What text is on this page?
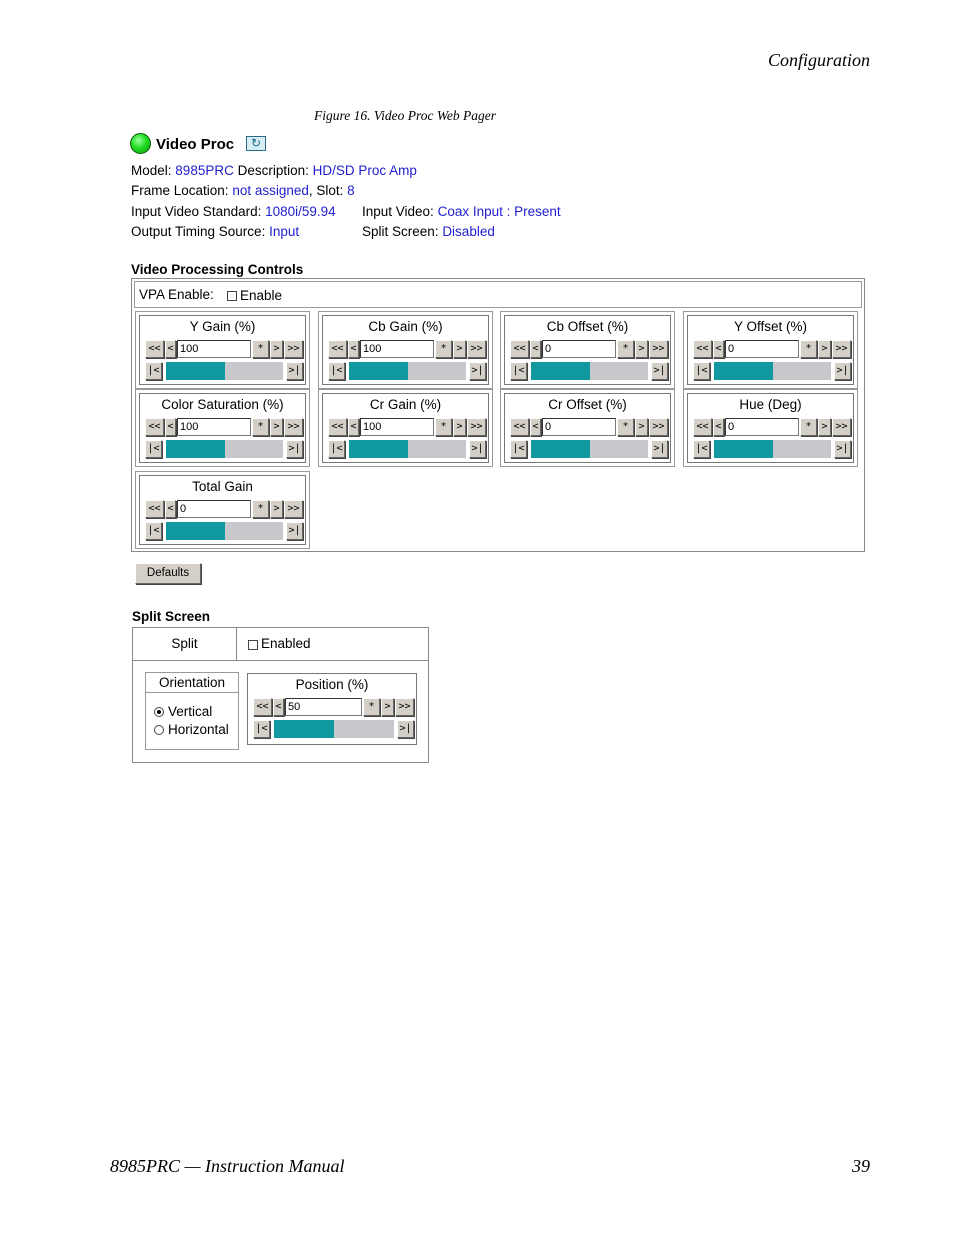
Configuration
Figure 16. Video Proc Web Pager
Video Proc	↻
Model: 8985PRC Description: HD/SD Proc Amp
Frame Location: not assigned, Slot: 8
Input Video Standard: 1080i/59.94 Input Video: Coax Input : Present
Output Timing Source: Input	Split Screen: Disabled
Video Processing Controls
VPA Enable: Enable
Y Gain (%)
<< < 100	* > >>
|<	>|
Cb Gain (%)
<< < 100	* > >>
|<	>|
Cb Offset (%)
<< < 0	* > >>
|<	>|
Y Offset (%)
<< < 0	* > >>
|<	>|
Color Saturation (%)
<< < 100	* > >>
|<	>|
Cr Gain (%)
<< < 100	* > >>
|<	>|
Cr Offset (%)
<< < 0	* > >>
|<	>|
Hue (Deg)
<< < 0	* > >>
|<	>|
Total Gain
<< < 0	* > >>
|<	>|
Defaults
Split Screen
Split	Enabled
Orientation
Vertical
Horizontal
Position (%)
<< < 50	* > >>
|<	>|
8985PRC — Instruction Manual	39
